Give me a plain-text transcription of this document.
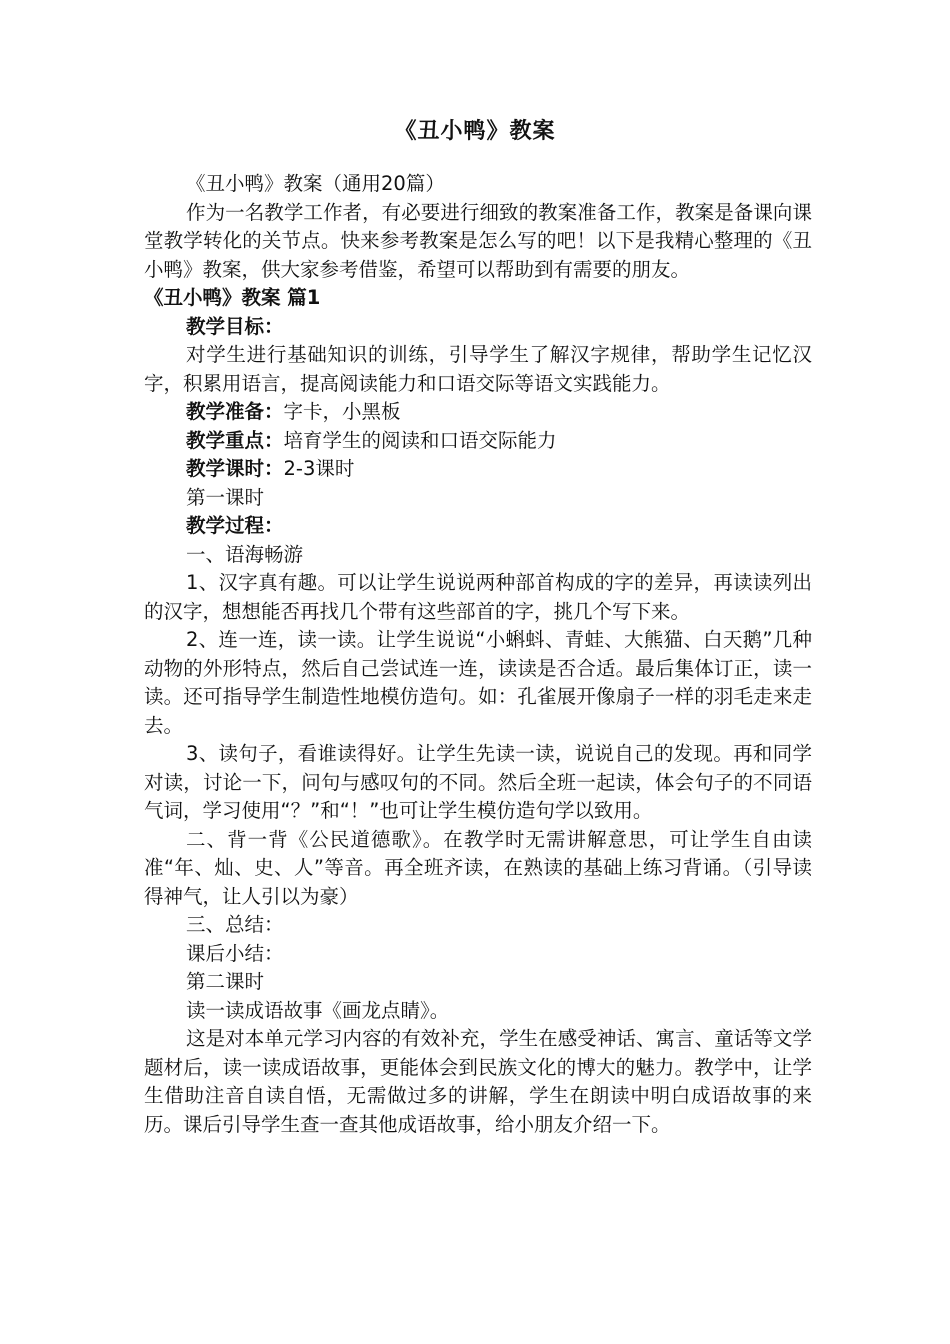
《丑小鸭》教案

《丑小鸭》教案（通用20篇）

作为一名教学工作者，有必要进行细致的教案准备工作，教案是备课向课堂教学转化的关节点。快来参考教案是怎么写的吧！以下是我精心整理的《丑小鸭》教案，供大家参考借鉴，希望可以帮助到有需要的朋友。

《丑小鸭》教案 篇1

教学目标：

对学生进行基础知识的训练，引导学生了解汉字规律，帮助学生记忆汉字，积累用语言，提高阅读能力和口语交际等语文实践能力。

教学准备：字卡，小黑板

教学重点：培育学生的阅读和口语交际能力

教学课时：2-3课时

第一课时

教学过程：

一、语海畅游

1、汉字真有趣。可以让学生说说两种部首构成的字的差异，再读读列出的汉字，想想能否再找几个带有这些部首的字，挑几个写下来。

2、连一连，读一读。让学生说说“小蝌蚪、青蛙、大熊猫、白天鹅”几种动物的外形特点，然后自己尝试连一连，读读是否合适。最后集体订正，读一读。还可指导学生制造性地模仿造句。如：孔雀展开像扇子一样的羽毛走来走去。

3、读句子，看谁读得好。让学生先读一读，说说自己的发现。再和同学对读，讨论一下，问句与感叹句的不同。然后全班一起读，体会句子的不同语气词，学习使用“？”和“！”也可让学生模仿造句学以致用。

二、背一背《公民道德歌》。在教学时无需讲解意思，可让学生自由读准“年、灿、史、人”等音。再全班齐读，在熟读的基础上练习背诵。（引导读得神气，让人引以为豪）

三、总结：

课后小结：

第二课时

读一读成语故事《画龙点睛》。

这是对本单元学习内容的有效补充，学生在感受神话、寓言、童话等文学题材后，读一读成语故事，更能体会到民族文化的博大的魅力。教学中，让学生借助注音自读自悟，无需做过多的讲解，学生在朗读中明白成语故事的来历。课后引导学生查一查其他成语故事，给小朋友介绍一下。
